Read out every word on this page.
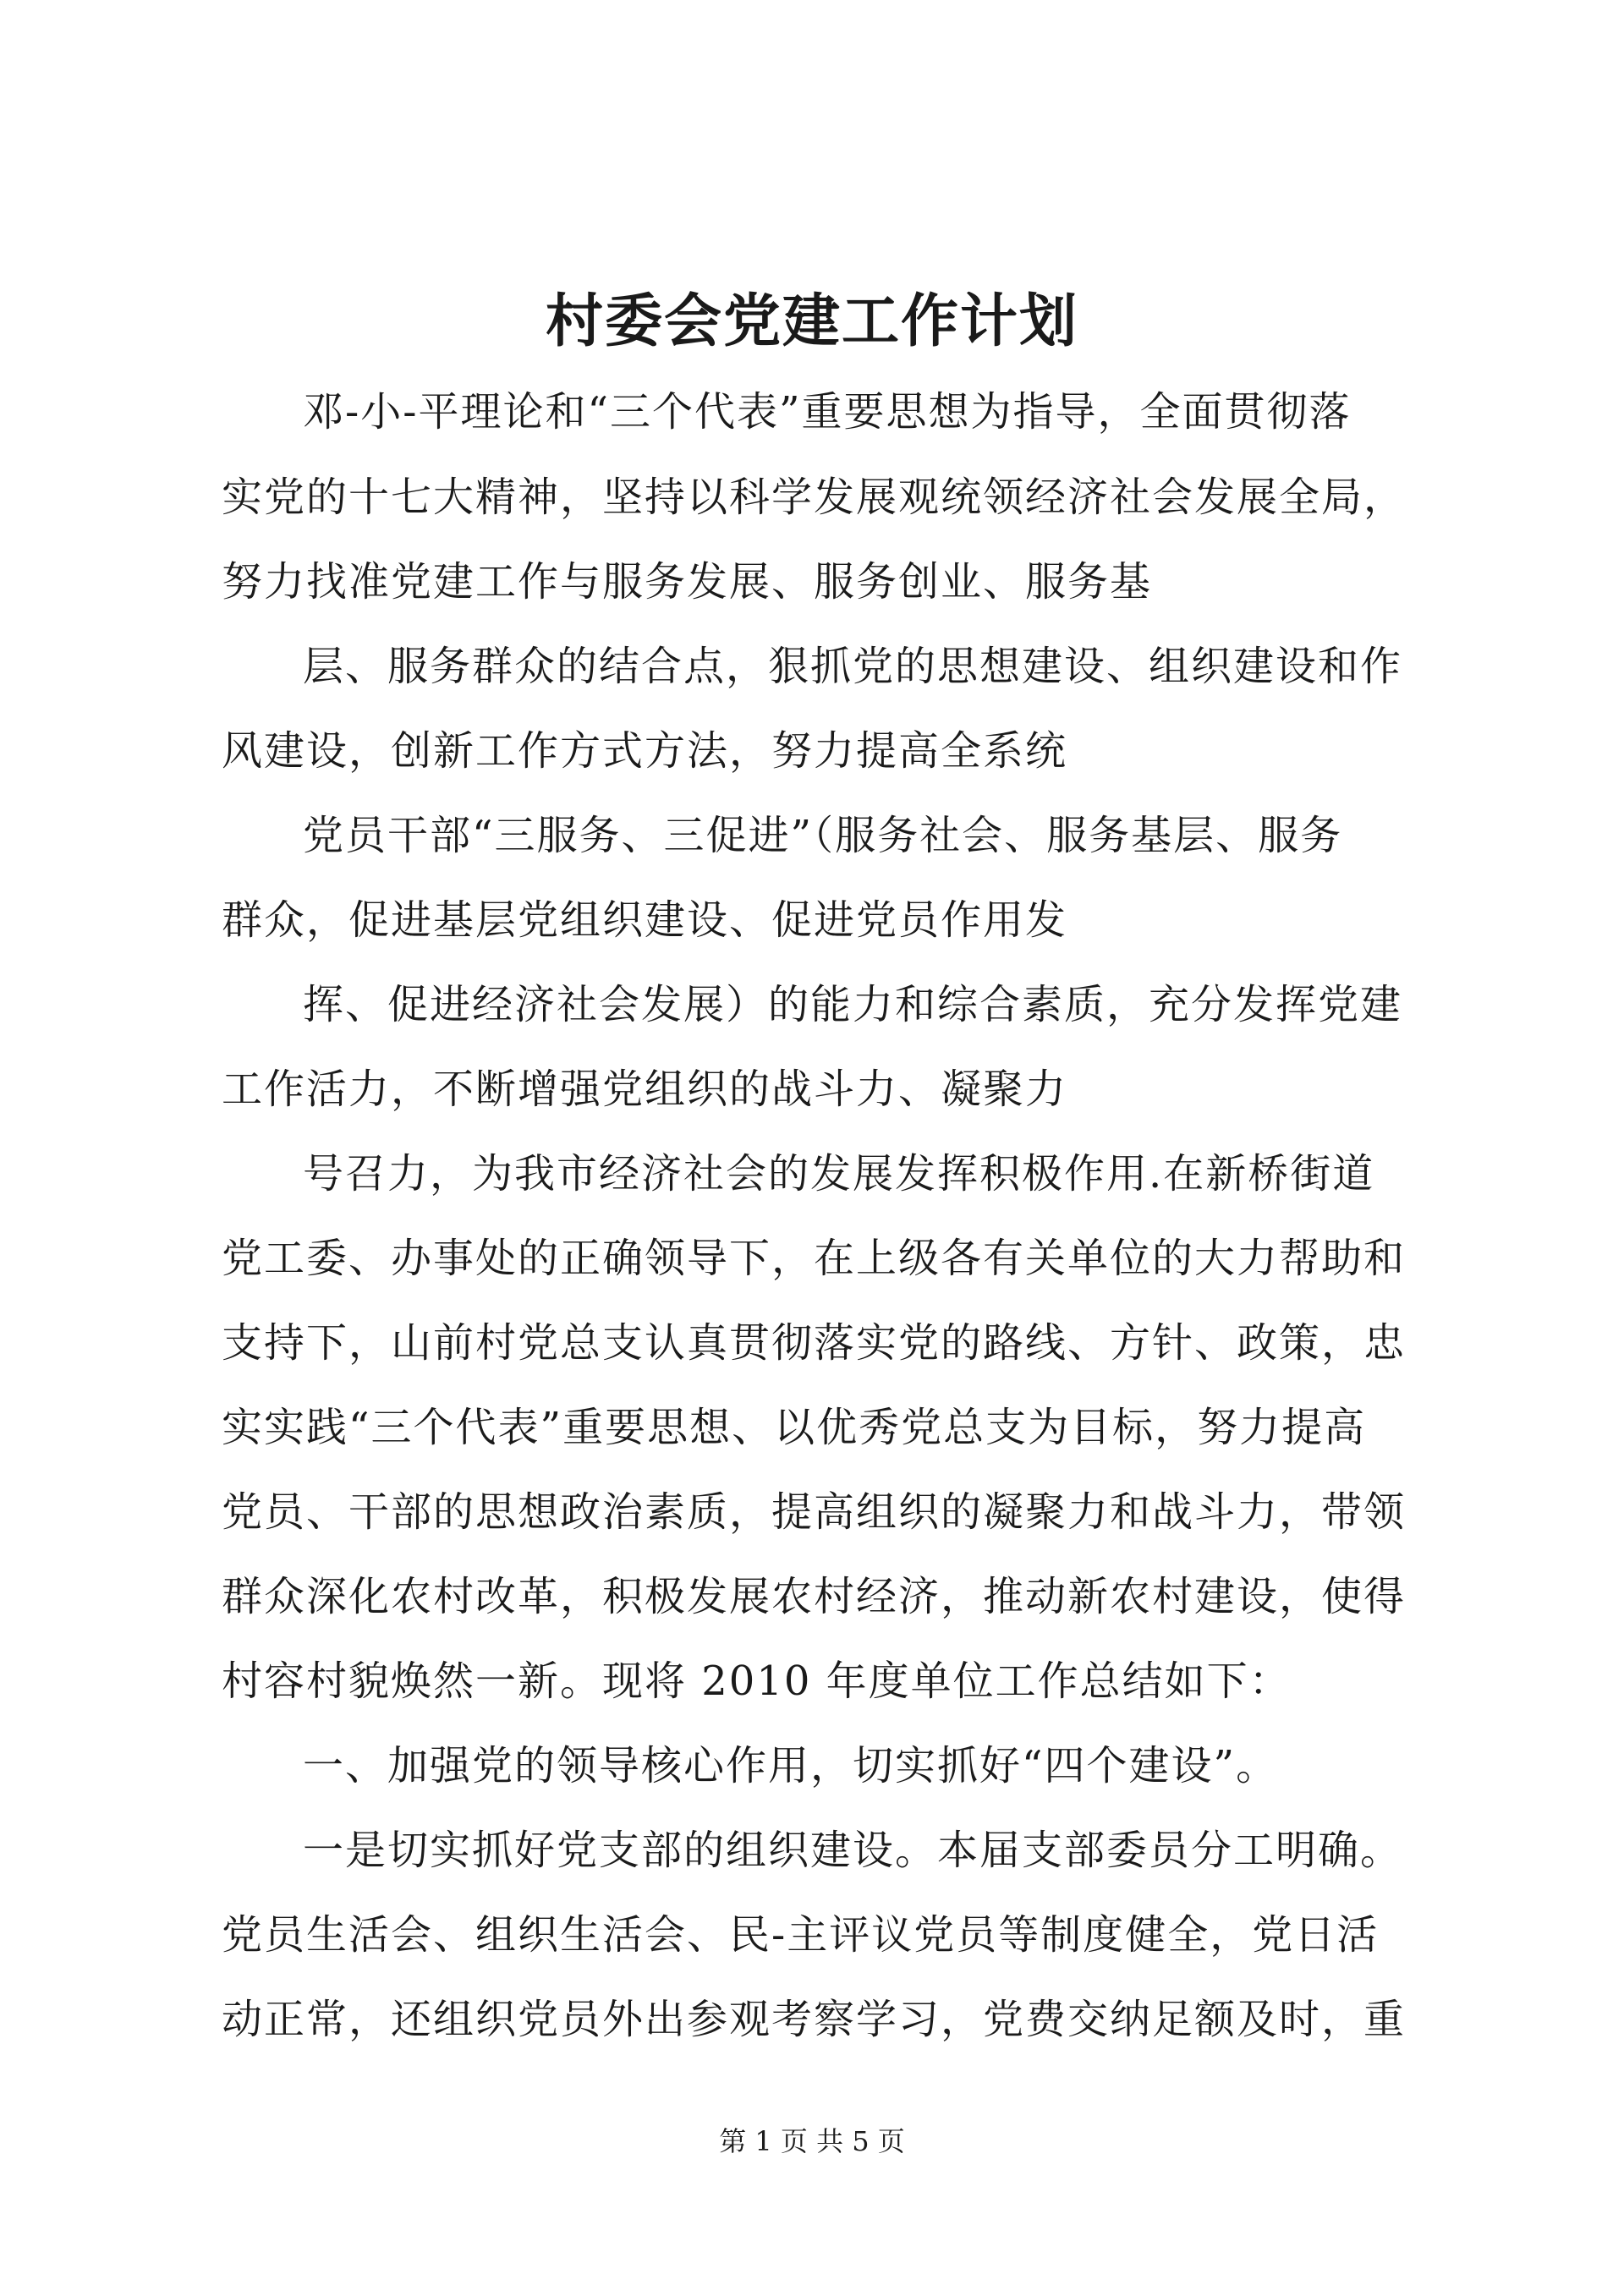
村委会党建工作计划
邓-小-平理论和“三个代表”重要思想为指导，全面贯彻落
实党的十七大精神，坚持以科学发展观统领经济社会发展全局，
努力找准党建工作与服务发展、服务创业、服务基
层、服务群众的结合点，狠抓党的思想建设、组织建设和作
风建设，创新工作方式方法，努力提高全系统
党员干部“三服务、三促进”（服务社会、服务基层、服务
群众，促进基层党组织建设、促进党员作用发
挥、促进经济社会发展）的能力和综合素质，充分发挥党建
工作活力，不断增强党组织的战斗力、凝聚力
号召力，为我市经济社会的发展发挥积极作用.在新桥街道
党工委、办事处的正确领导下，在上级各有关单位的大力帮助和
支持下，山前村党总支认真贯彻落实党的路线、方针、政策，忠
实实践“三个代表”重要思想、以优秀党总支为目标，努力提高
党员、干部的思想政治素质，提高组织的凝聚力和战斗力，带领
群众深化农村改革，积极发展农村经济，推动新农村建设，使得
村容村貌焕然一新。现将 2010 年度单位工作总结如下：
一、加强党的领导核心作用，切实抓好“四个建设”。
一是切实抓好党支部的组织建设。本届支部委员分工明确。
党员生活会、组织生活会、民-主评议党员等制度健全，党日活
动正常，还组织党员外出参观考察学习，党费交纳足额及时，重
第 1 页 共 5 页
